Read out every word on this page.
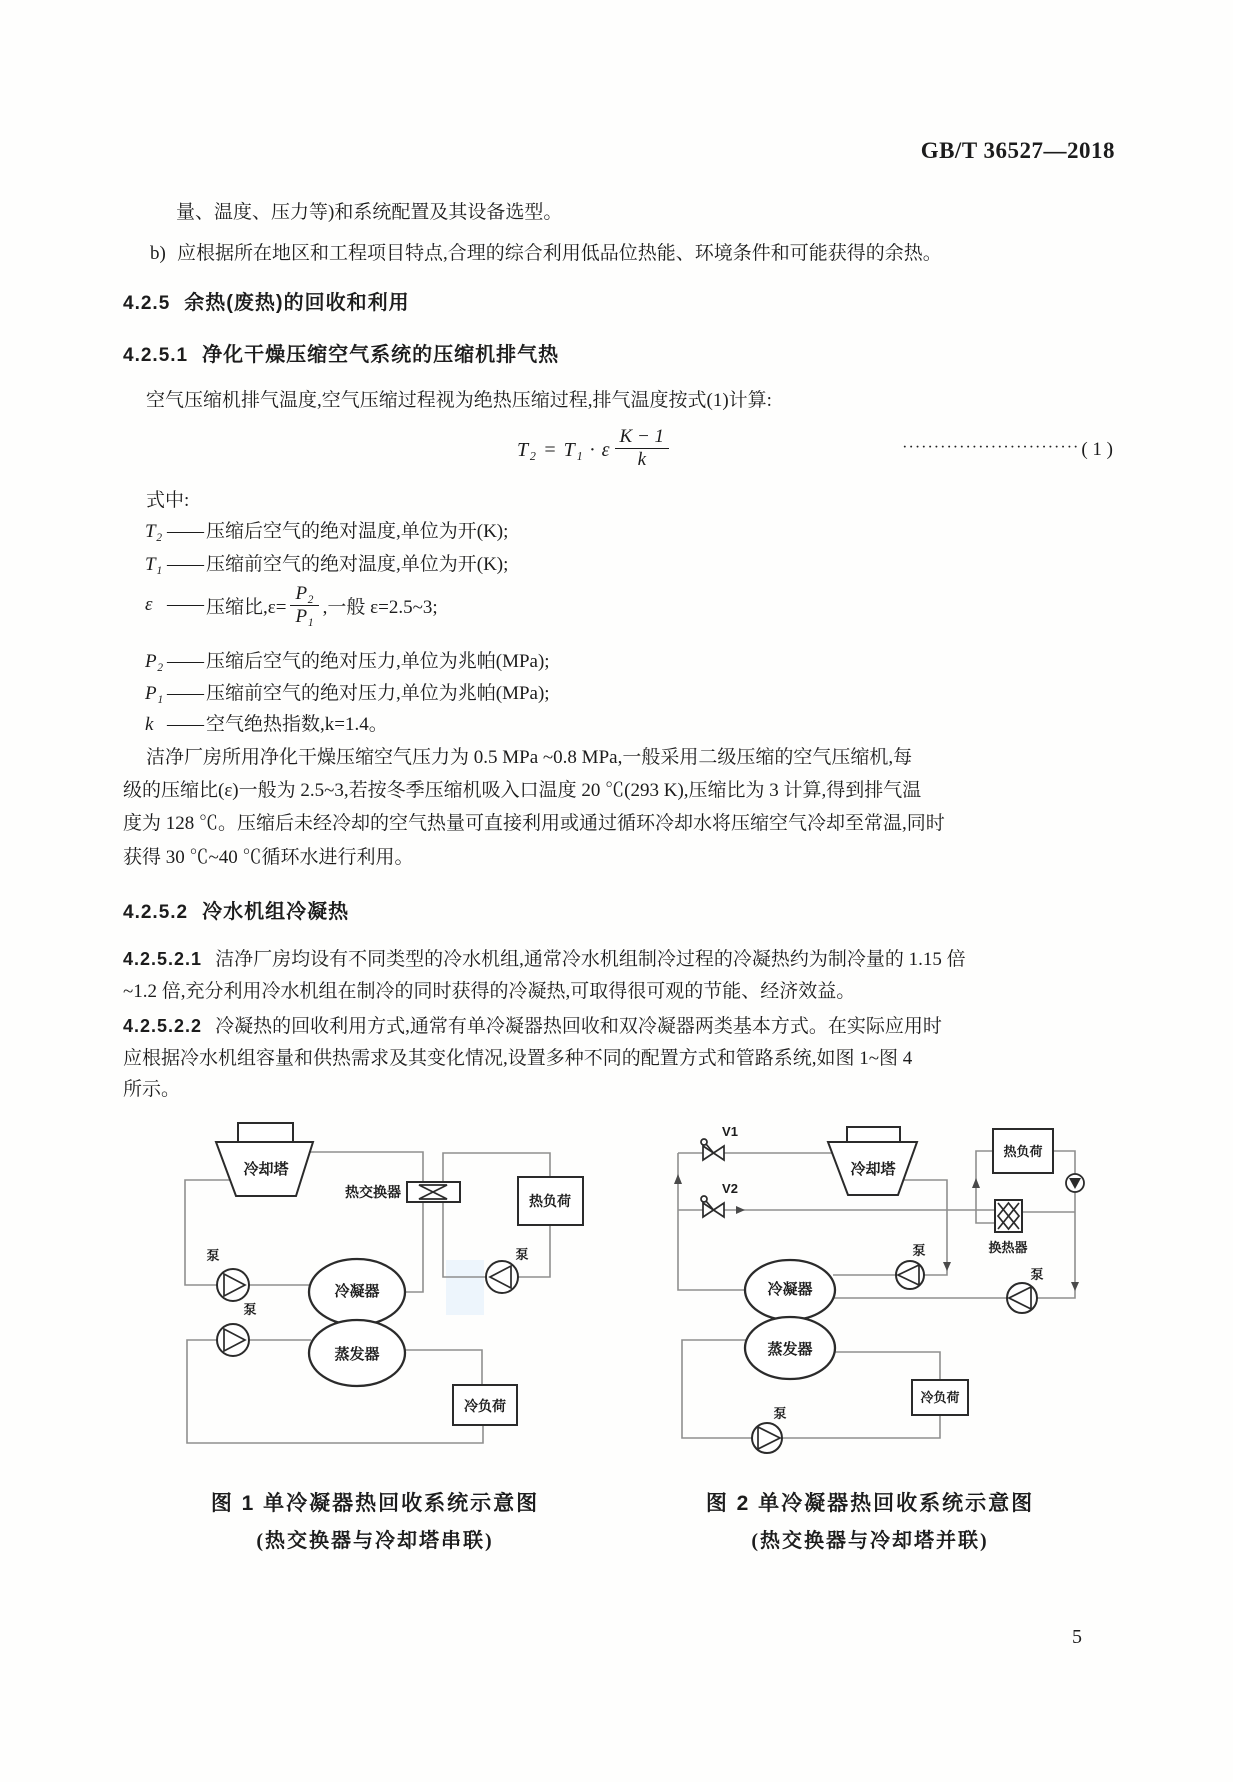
GB/T 36527—2018
量、温度、压力等)和系统配置及其设备选型。
b) 应根据所在地区和工程项目特点,合理的综合利用低品位热能、环境条件和可能获得的余热。
4.2.5 余热(废热)的回收和利用
4.2.5.1 净化干燥压缩空气系统的压缩机排气热
空气压缩机排气温度,空气压缩过程视为绝热压缩过程,排气温度按式(1)计算:
T₂ = T₁ · ε $\frac{K - 1}{k}$	···························· ( 1 )
式中:
T₂ —— 压缩后空气的绝对温度,单位为开(K);
T₁ —— 压缩前空气的绝对温度,单位为开(K);
ε —— 压缩比$,\varepsilon= \frac{\text{P₂}}{\text{P₁}}$ ,一般 ε=2.5~3;
P₂ —— 压缩后空气的绝对压力,单位为兆帕(MPa);
P₁ —— 压缩前空气的绝对压力,单位为兆帕(MPa);
k —— 空气绝热指数,k=1.4。
洁净厂房所用净化干燥压缩空气压力为 0.5 MPa ~0.8 MPa,一般采用二级压缩的空气压缩机,每
级的压缩比(ε)一般为 2.5~3,若按冬季压缩机吸入口温度 20 ℃(293 K),压缩比为 3 计算,得到排气温
度为 128 ℃。压缩后未经冷却的空气热量可直接利用或通过循环冷却水将压缩空气冷却至常温,同时
获得 30 ℃~40 ℃循环水进行利用。
4.2.5.2 冷水机组冷凝热
4.2.5.2.1 洁净厂房均设有不同类型的冷水机组,通常冷水机组制冷过程的冷凝热约为制冷量的 1.15 倍
~1.2 倍,充分利用冷水机组在制冷的同时获得的冷凝热,可取得很可观的节能、经济效益。
4.2.5.2.2 冷凝热的回收利用方式,通常有单冷凝器热回收和双冷凝器两类基本方式。在实际应用时
应根据冷水机组容量和供热需求及其变化情况,设置多种不同的配置方式和管路系统,如图 1~图 4
所示。
冷却塔
热交换器
热负荷
冷凝器
蒸发器
泵
泵
泵
冷负荷
V1
V2
冷却塔
热负荷
换热器
冷凝器
蒸发器
泵
泵
泵
冷负荷
图 1 单冷凝器热回收系统示意图
(热交换器与冷却塔串联)
图 2 单冷凝器热回收系统示意图
(热交换器与冷却塔并联)
5
